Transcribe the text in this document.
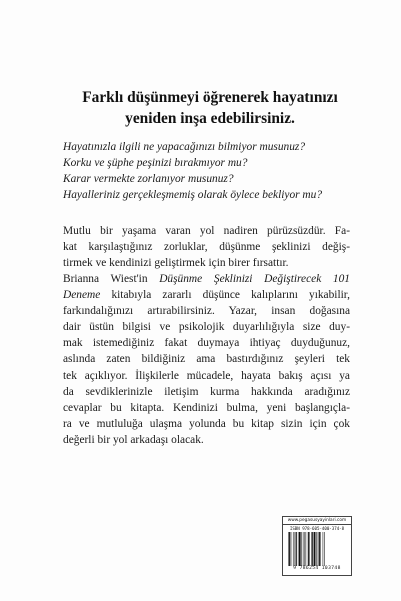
Farklı düşünmeyi öğrenerek hayatınızı
yeniden inşa edebilirsiniz.
Hayatınızla ilgili ne yapacağınızı bilmiyor musunuz?
Korku ve şüphe peşinizi bırakmıyor mu?
Karar vermekte zorlanıyor musunuz?
Hayalleriniz gerçekleşmemiş olarak öylece bekliyor mu?
Mutlu bir yaşama varan yol nadiren pürüzsüzdür. Fa-
kat karşılaştığınız zorluklar, düşünme şeklinizi değiş-
tirmek ve kendinizi geliştirmek için birer fırsattır.
Brianna Wiest'in Düşünme Şeklinizi Değiştirecek 101
Deneme kitabıyla zararlı düşünce kalıplarını yıkabilir,
farkındalığınızı artırabilirsiniz. Yazar, insan doğasına
dair üstün bilgisi ve psikolojik duyarlılığıyla size duy-
mak istemediğiniz fakat duymaya ihtiyaç duyduğunuz,
aslında zaten bildiğiniz ama bastırdığınız şeyleri tek
tek açıklıyor. İlişkilerle mücadele, hayata bakış açısı ya
da sevdiklerinizle iletişim kurma hakkında aradığınız
cevaplar bu kitapta. Kendinizi bulma, yeni başlangıçla-
ra ve mutluluğa ulaşma yolunda bu kitap sizin için çok
değerli bir yol arkadaşı olacak.
www.pegasusyayinlari.com
ISBN 978-605-400-374-8
9 786254 103748
